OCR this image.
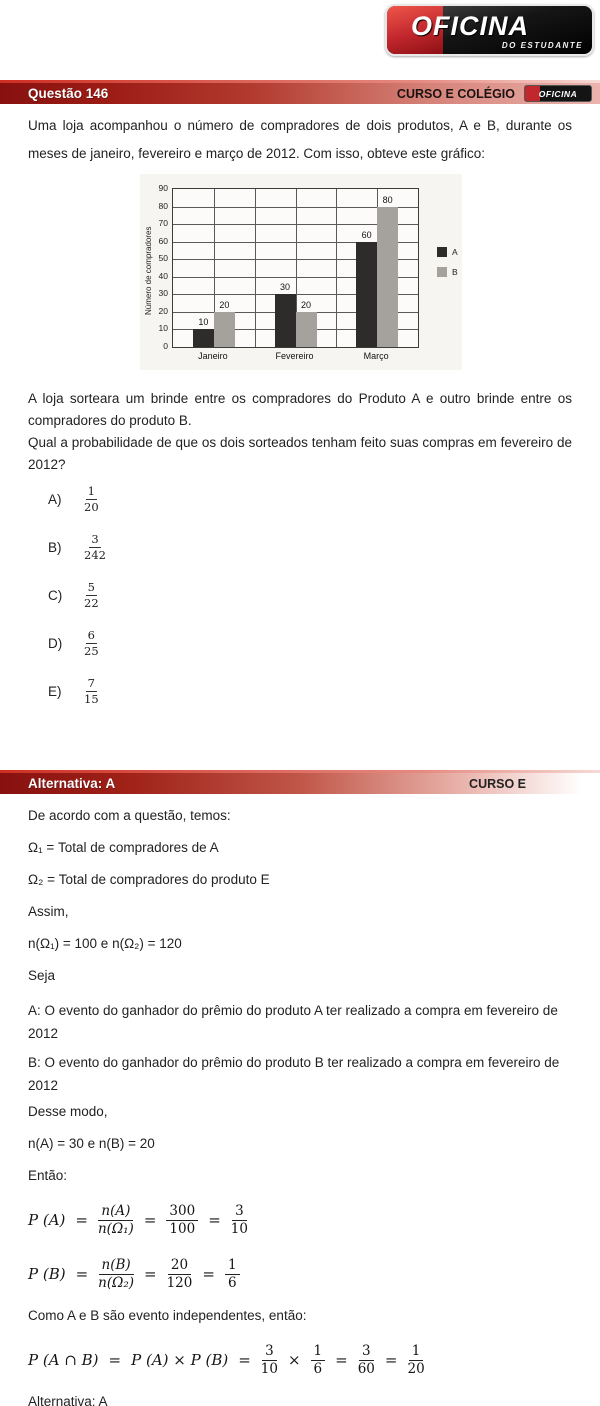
OFICINA
DO ESTUDANTE
Questão 146	CURSO E COLÉGIO	OFICINA

Uma loja acompanhou o número de compradores de dois produtos, A e B, durante os meses de janeiro, fevereiro e março de 2012. Com isso, obteve este gráfico:

Número de compradores
0
10
20
30
40
50
60
70
80
90
10
20
30
20
60
80
Janeiro	Fevereiro	Março
A
B

A loja sorteara um brinde entre os compradores do Produto A e outro brinde entre os compradores do produto B.

Qual a probabilidade de que os dois sorteados tenham feito suas compras em fevereiro de 2012?

A)	$\frac{1}{20}$
B)	$\frac{3}{242}$
C)	$\frac{5}{22}$
D)	$\frac{6}{25}$
E)	$\frac{7}{15}$
Alternativa: A	CURSO E

De acordo com a questão, temos:

Ω₁ = Total de compradores de A

Ω₂ = Total de compradores do produto E

Assim,

n(Ω₁) = 100 e n(Ω₂) = 120

Seja

A: O evento do ganhador do prêmio do produto A ter realizado a compra em fevereiro de 2012

B: O evento do ganhador do prêmio do produto B ter realizado a compra em fevereiro de 2012

Desse modo,

n(A) = 30 e n(B) = 20

Então:

P $(A) = \frac{n(A)}{\text{n(Ω₁)}} = \frac{300}{100} = \frac{3}{10}$
P $(B) = \frac{n(B)}{\text{n(Ω₂)}} = \frac{20}{120} = \frac{1}{6}$

Como A e B são evento independentes, então:

P (A ∩ B) = P (A) × P $(B) = \frac{3}{10} \times \frac{1}{6} = \frac{3}{60} = \frac{1}{20}$

Alternativa: A
